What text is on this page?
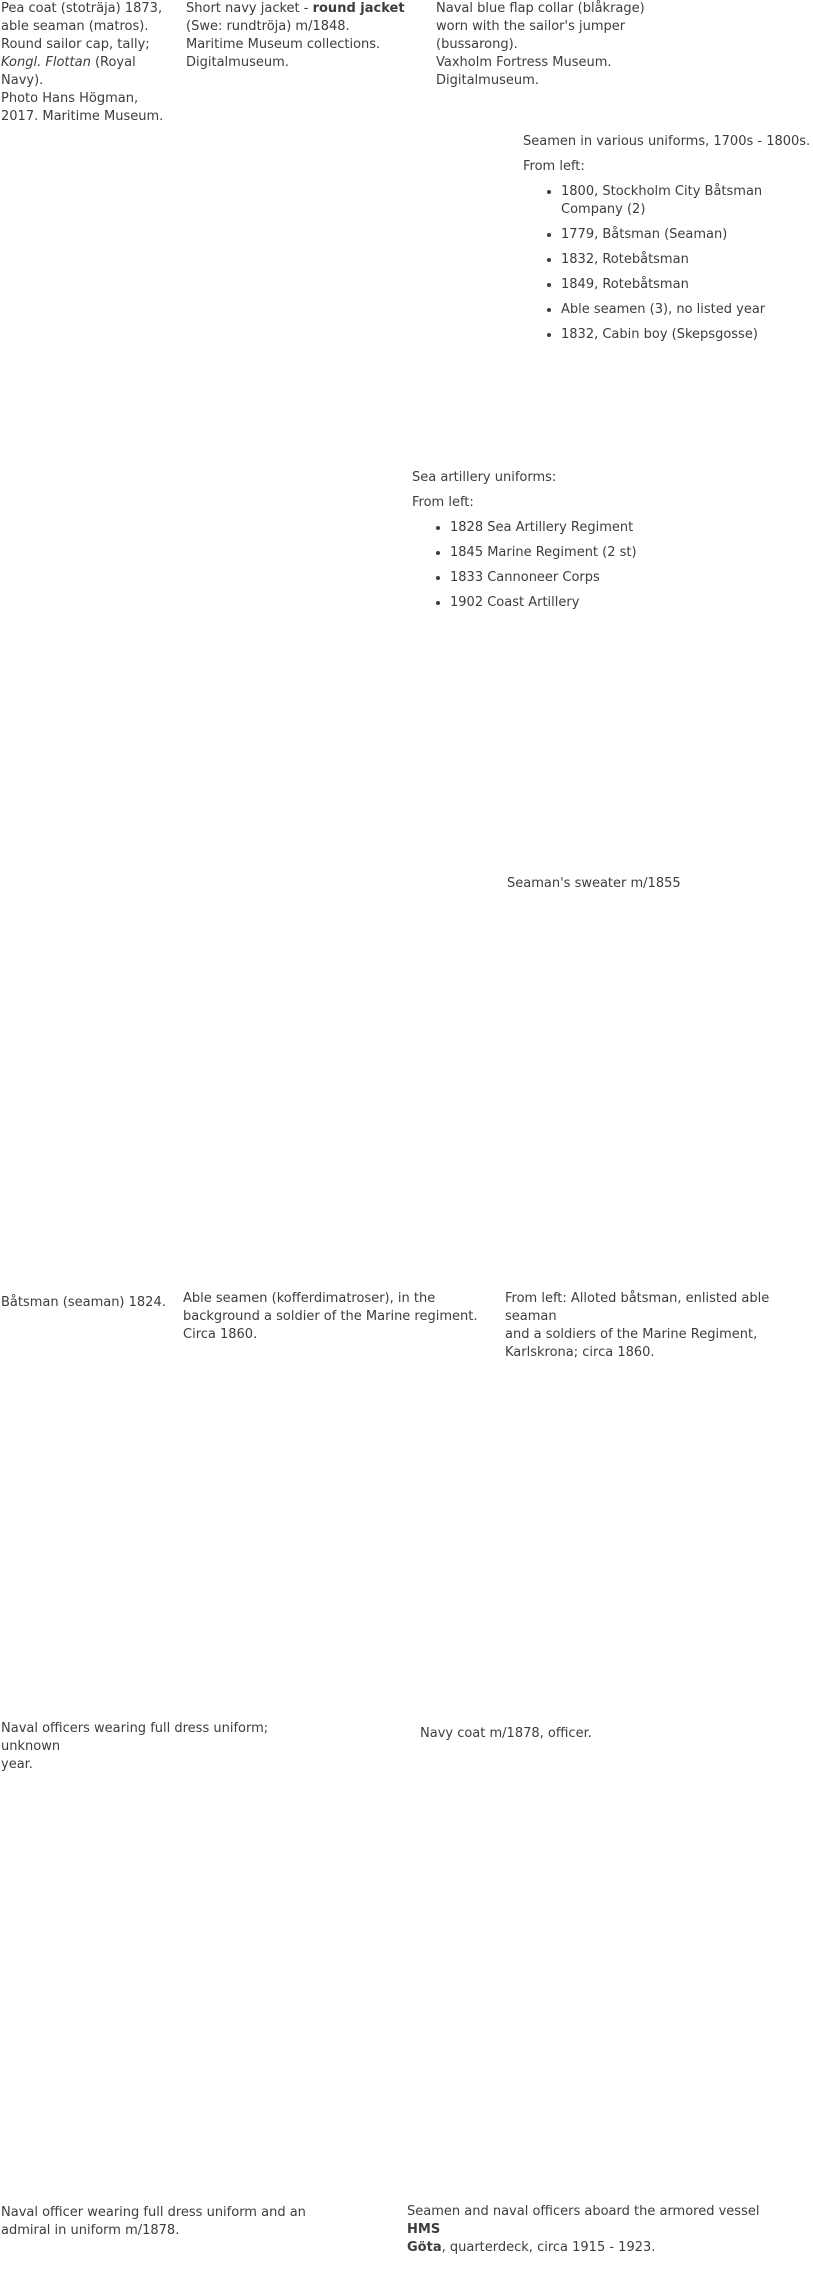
Pea coat (stoträja) 1873,

able seaman (matros).

Round sailor cap, tally;

Kongl. Flottan (Royal Navy).

Photo Hans Högman,

2017. Maritime Museum.

Short navy jacket - round jacket

(Swe: rundtröja) m/1848.

Maritime Museum collections.

Digitalmuseum.

Naval blue flap collar (blåkrage)

worn with the sailor's jumper

(bussarong).

Vaxholm Fortress Museum.

Digitalmuseum.

Seamen in various uniforms, 1700s - 1800s.

From left:

• 1800, Stockholm City Båtsman Company (2)
• 1779, Båtsman (Seaman)
• 1832, Rotebåtsman
• 1849, Rotebåtsman
• Able seamen (3), no listed year
• 1832, Cabin boy (Skepsgosse)

Sea artillery uniforms:

From left:

• 1828 Sea Artillery Regiment
• 1845 Marine Regiment (2 st)
• 1833 Cannoneer Corps
• 1902 Coast Artillery

Seaman's sweater m/1855

Båtsman (seaman) 1824.	Able seamen (kofferdimatroser), in the

background a soldier of the Marine regiment.

Circa 1860.

From left: Alloted båtsman, enlisted able seaman

and a soldiers of the Marine Regiment,

Karlskrona; circa 1860.

Naval officers wearing full dress uniform; unknown

year.

Navy coat m/1878, officer.

Naval officer wearing full dress uniform and an

admiral in uniform m/1878.

Seamen and naval officers aboard the armored vessel HMS

Göta, quarterdeck, circa 1915 - 1923.
